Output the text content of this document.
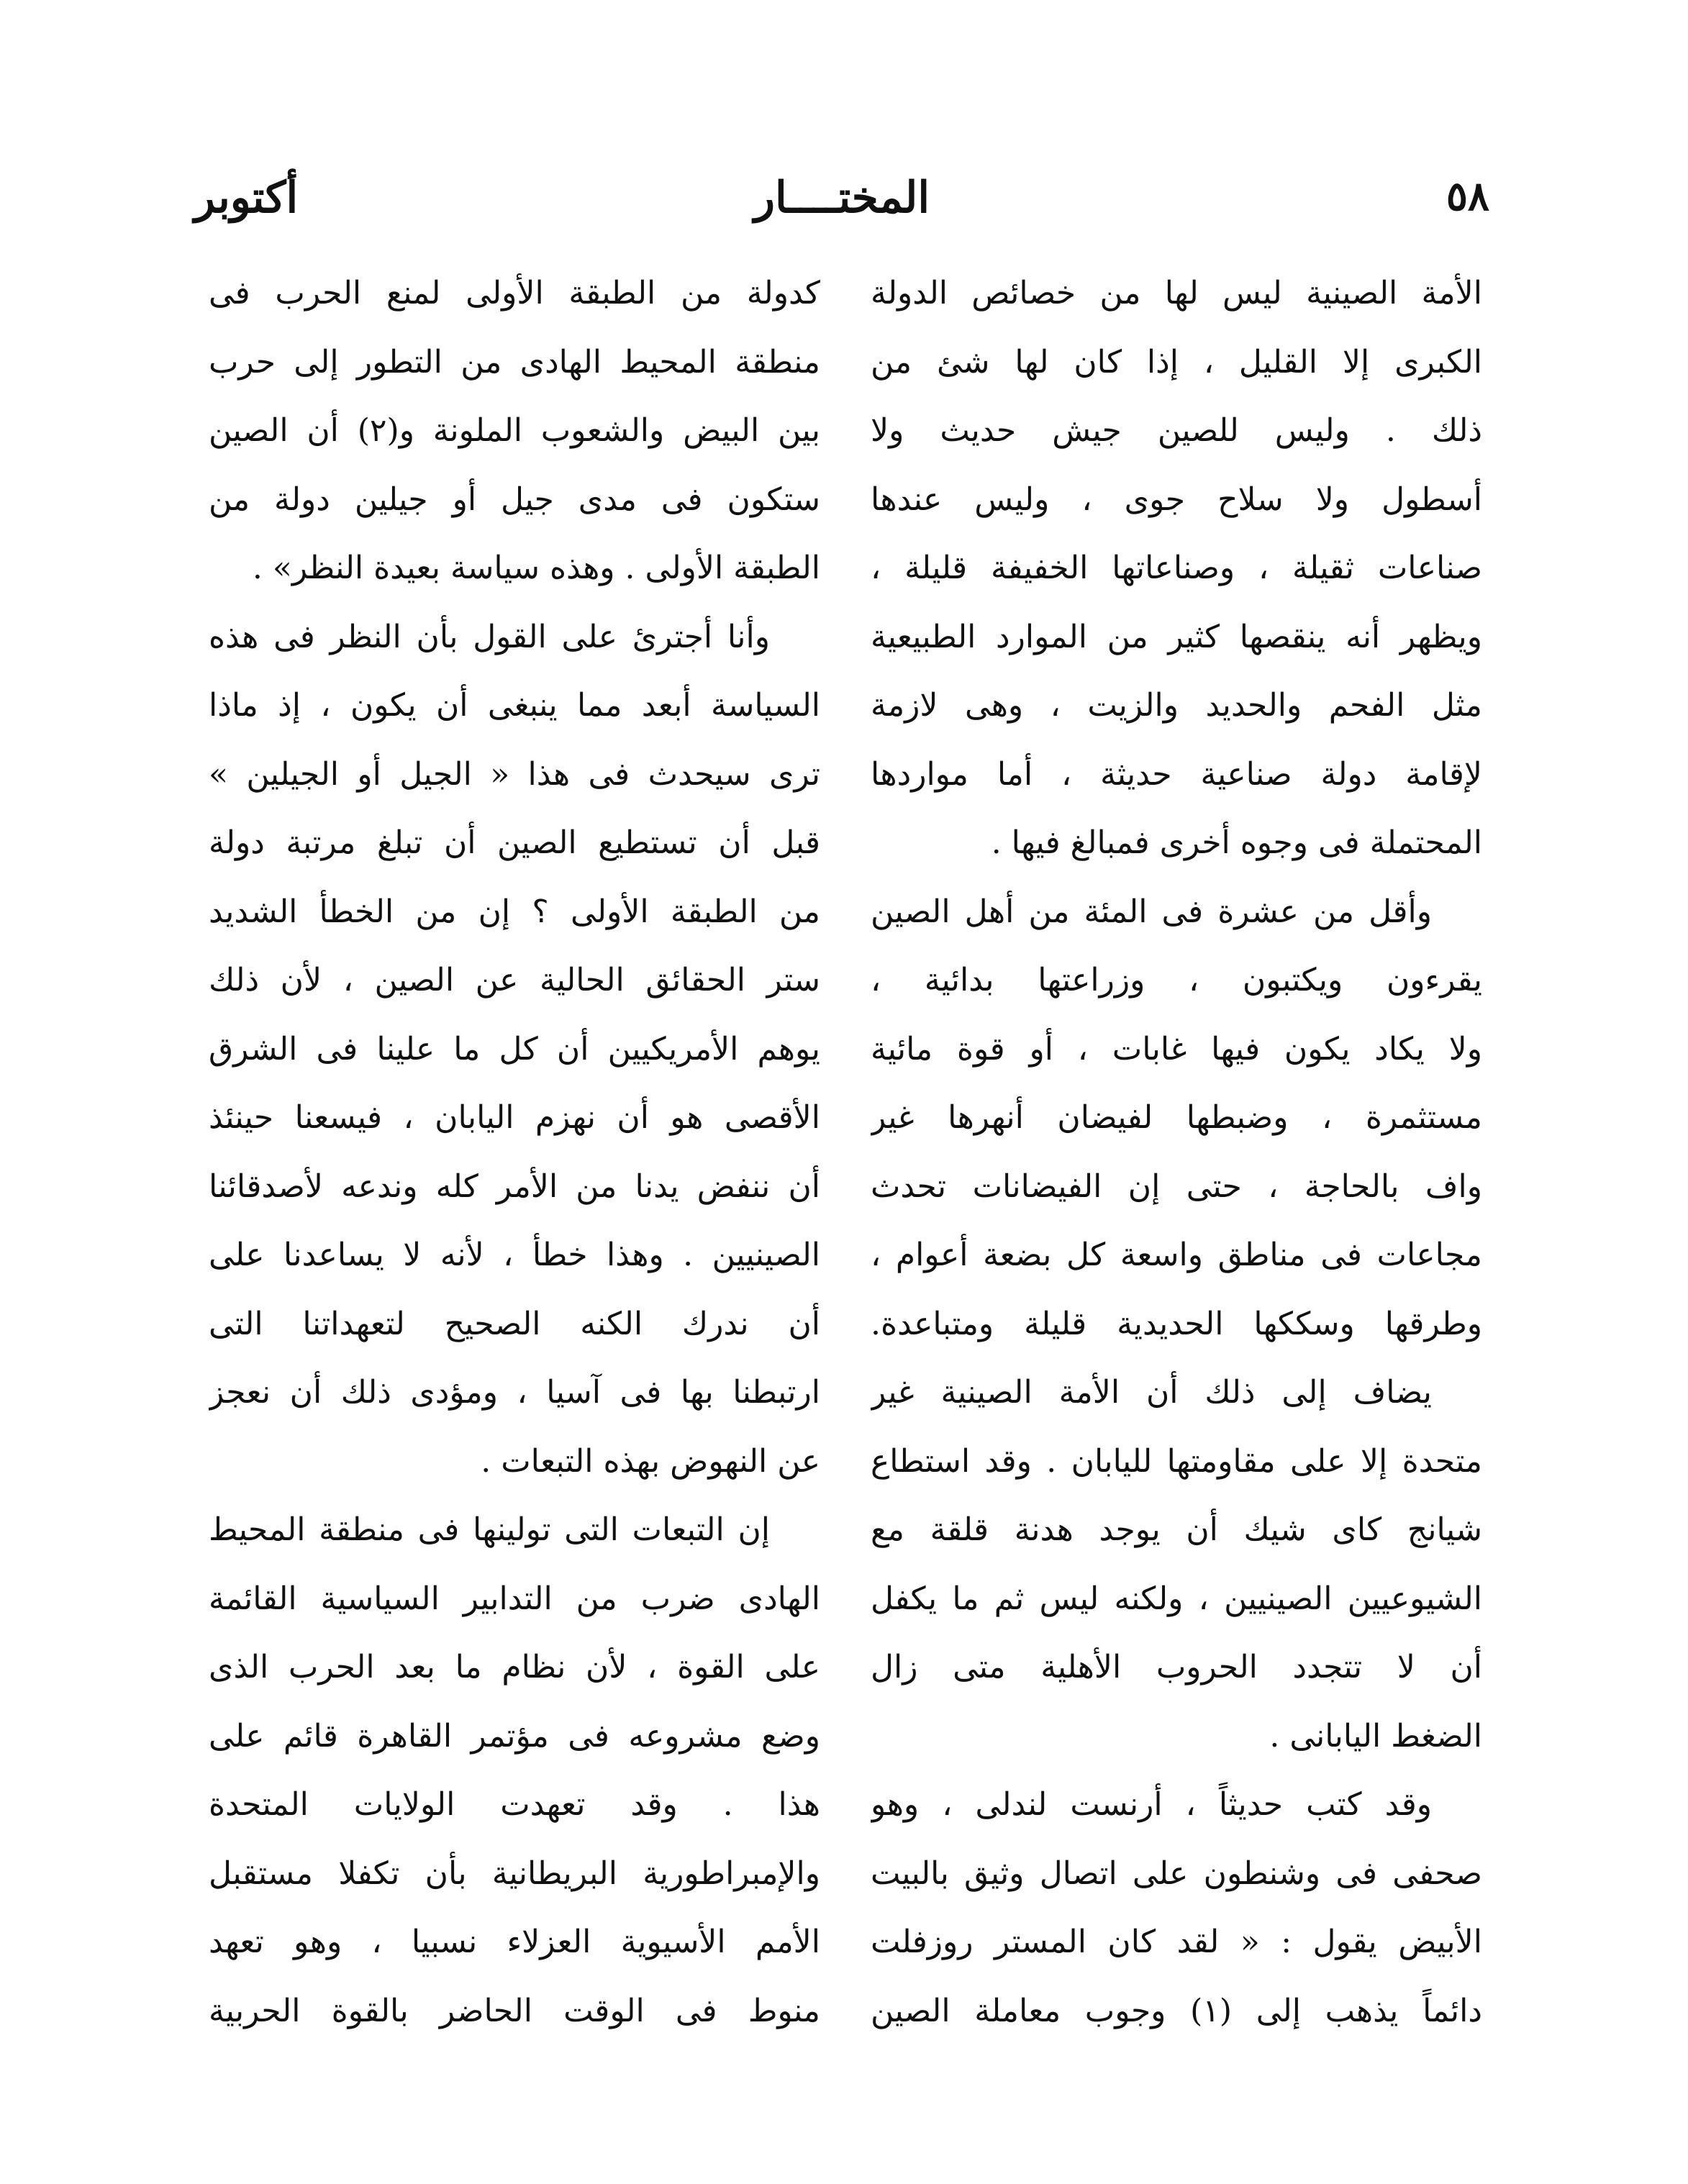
٥٨
المختــــار
أكتوبر
الأمة الصينية ليس لها من خصائص الدولة
الكبرى إلا القليل ، إذا كان لها شئ من
ذلك . وليس للصين جيش حديث ولا
أسطول ولا سلاح جوى ، وليس عندها
صناعات ثقيلة ، وصناعاتها الخفيفة قليلة ،
ويظهر أنه ينقصها كثير من الموارد الطبيعية
مثل الفحم والحديد والزيت ، وهى لازمة
لإقامة دولة صناعية حديثة ، أما مواردها
المحتملة فى وجوه أخرى فمبالغ فيها .
وأقل من عشرة فى المئة من أهل الصين
يقرءون ويكتبون ، وزراعتها بدائية ،
ولا يكاد يكون فيها غابات ، أو قوة مائية
مستثمرة ، وضبطها لفيضان أنهرها غير
واف بالحاجة ، حتى إن الفيضانات تحدث
مجاعات فى مناطق واسعة كل بضعة أعوام ،
وطرقها وسككها الحديدية قليلة ومتباعدة.
يضاف إلى ذلك أن الأمة الصينية غير
متحدة إلا على مقاومتها لليابان . وقد استطاع
شيانج كاى شيك أن يوجد هدنة قلقة مع
الشيوعيين الصينيين ، ولكنه ليس ثم ما يكفل
أن لا تتجدد الحروب الأهلية متى زال
الضغط اليابانى .
وقد كتب حديثاً ، أرنست لندلى ، وهو
صحفى فى وشنطون على اتصال وثيق بالبيت
الأبيض يقول : « لقد كان المستر روزفلت
دائماً يذهب إلى (١) وجوب معاملة الصين
كدولة من الطبقة الأولى لمنع الحرب فى
منطقة المحيط الهادى من التطور إلى حرب
بين البيض والشعوب الملونة و(٢) أن الصين
ستكون فى مدى جيل أو جيلين دولة من
الطبقة الأولى . وهذه سياسة بعيدة النظر» .
وأنا أجترئ على القول بأن النظر فى هذه
السياسة أبعد مما ينبغى أن يكون ، إذ ماذا
ترى سيحدث فى هذا « الجيل أو الجيلين »
قبل أن تستطيع الصين أن تبلغ مرتبة دولة
من الطبقة الأولى ؟ إن من الخطأ الشديد
ستر الحقائق الحالية عن الصين ، لأن ذلك
يوهم الأمريكيين أن كل ما علينا فى الشرق
الأقصى هو أن نهزم اليابان ، فيسعنا حينئذ
أن ننفض يدنا من الأمر كله وندعه لأصدقائنا
الصينيين . وهذا خطأ ، لأنه لا يساعدنا على
أن ندرك الكنه الصحيح لتعهداتنا التى
ارتبطنا بها فى آسيا ، ومؤدى ذلك أن نعجز
عن النهوض بهذه التبعات .
إن التبعات التى تولينها فى منطقة المحيط
الهادى ضرب من التدابير السياسية القائمة
على القوة ، لأن نظام ما بعد الحرب الذى
وضع مشروعه فى مؤتمر القاهرة قائم على
هذا . وقد تعهدت الولايات المتحدة
والإمبراطورية البريطانية بأن تكفلا مستقبل
الأمم الأسيوية العزلاء نسبيا ، وهو تعهد
منوط فى الوقت الحاضر بالقوة الحربية
